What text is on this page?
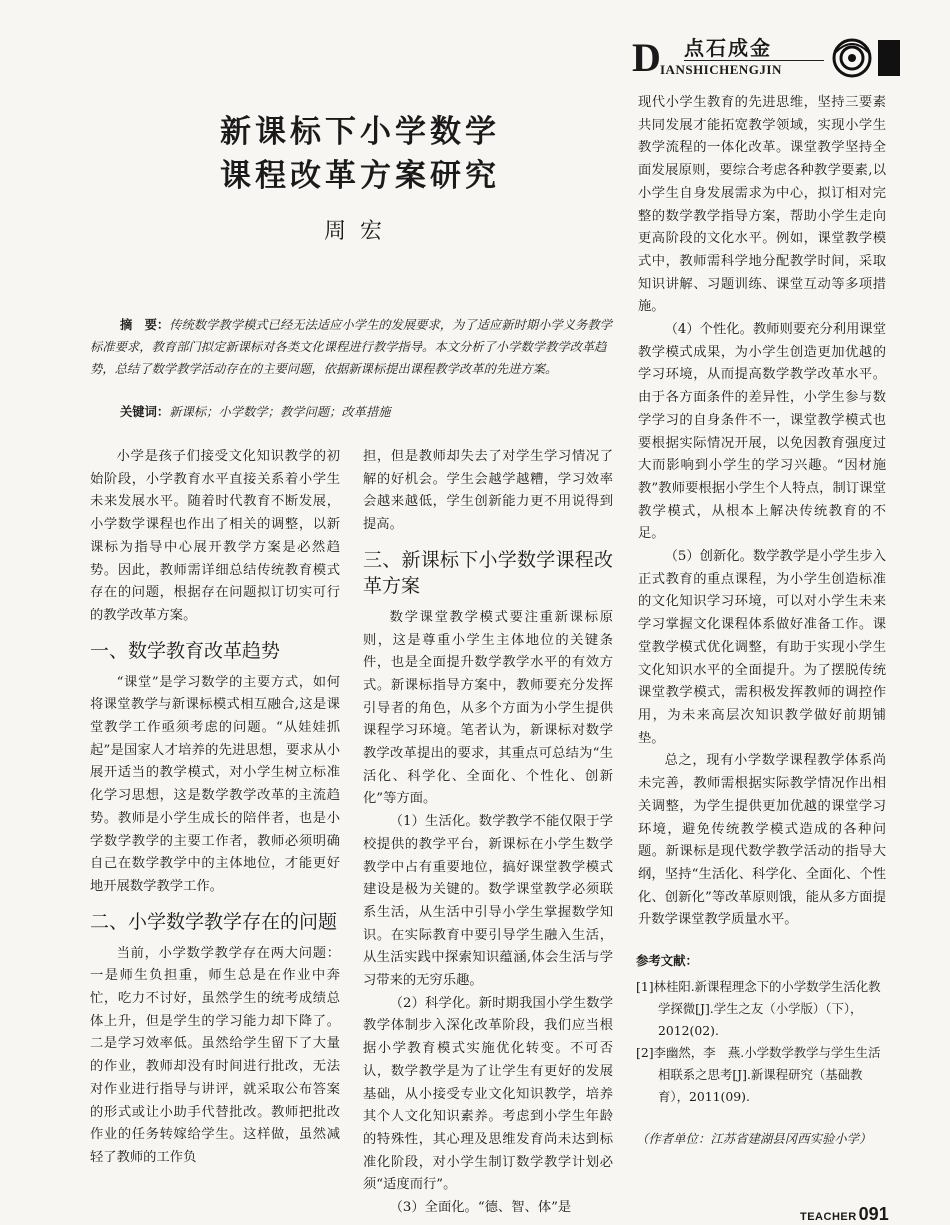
D 点石成金
IANSHICHENGJIN
新课标下小学数学
课程改革方案研究
周宏
摘　要：传统数学教学模式已经无法适应小学生的发展要求，为了适应新时期小学义务教学标准要求，教育部门拟定新课标对各类文化课程进行教学指导。本文分析了小学数学教学改革趋势，总结了数学教学活动存在的主要问题，依据新课标提出课程教学改革的先进方案。
关键词：新课标；小学数学；教学问题；改革措施

小学是孩子们接受文化知识教学的初始阶段，小学教育水平直接关系着小学生未来发展水平。随着时代教育不断发展，小学数学课程也作出了相关的调整，以新课标为指导中心展开教学方案是必然趋势。因此，教师需详细总结传统教育模式存在的问题，根据存在问题拟订切实可行的教学改革方案。

一、数学教育改革趋势

“课堂”是学习数学的主要方式，如何将课堂教学与新课标模式相互融合,这是课堂教学工作亟须考虑的问题。“从娃娃抓起”是国家人才培养的先进思想，要求从小展开适当的教学模式，对小学生树立标准化学习思想，这是数学教学改革的主流趋势。教师是小学生成长的陪伴者，也是小学数学教学的主要工作者，教师必须明确自己在数学教学中的主体地位，才能更好地开展数学教学工作。

二、小学数学教学存在的问题

当前，小学数学教学存在两大问题：一是师生负担重，师生总是在作业中奔忙，吃力不讨好，虽然学生的统考成绩总体上升，但是学生的学习能力却下降了。二是学习效率低。虽然给学生留下了大量的作业，教师却没有时间进行批改，无法对作业进行指导与讲评，就采取公布答案的形式或让小助手代替批改。教师把批改作业的任务转嫁给学生。这样做，虽然减轻了教师的工作负

担，但是教师却失去了对学生学习情况了解的好机会。学生会越学越糟，学习效率会越来越低，学生创新能力更不用说得到提高。

三、新课标下小学数学课程改革方案

数学课堂教学模式要注重新课标原则，这是尊重小学生主体地位的关键条件，也是全面提升数学教学水平的有效方式。新课标指导方案中，教师要充分发挥引导者的角色，从多个方面为小学生提供课程学习环境。笔者认为，新课标对数学教学改革提出的要求，其重点可总结为“生活化、科学化、全面化、个性化、创新化”等方面。

（1）生活化。数学教学不能仅限于学校提供的教学平台，新课标在小学生数学教学中占有重要地位，搞好课堂教学模式建设是极为关键的。数学课堂教学必须联系生活，从生活中引导小学生掌握数学知识。在实际教育中要引导学生融入生活，从生活实践中探索知识蕴涵,体会生活与学习带来的无穷乐趣。

（2）科学化。新时期我国小学生数学教学体制步入深化改革阶段，我们应当根据小学教育模式实施优化转变。不可否认，数学教学是为了让学生有更好的发展基础，从小接受专业文化知识教学，培养其个人文化知识素养。考虑到小学生年龄的特殊性，其心理及思维发育尚未达到标准化阶段，对小学生制订数学教学计划必须“适度而行”。

（3）全面化。“德、智、体”是

现代小学生教育的先进思维，坚持三要素共同发展才能拓宽教学领域，实现小学生教学流程的一体化改革。课堂教学坚持全面发展原则，要综合考虑各种教学要素,以小学生自身发展需求为中心，拟订相对完整的数学教学指导方案，帮助小学生走向更高阶段的文化水平。例如，课堂教学模式中，教师需科学地分配教学时间，采取知识讲解、习题训练、课堂互动等多项措施。

（4）个性化。教师则要充分利用课堂教学模式成果，为小学生创造更加优越的学习环境，从而提高数学教学改革水平。由于各方面条件的差异性，小学生参与数学学习的自身条件不一，课堂教学模式也要根据实际情况开展，以免因教育强度过大而影响到小学生的学习兴趣。“因材施教”教师要根据小学生个人特点，制订课堂教学模式，从根本上解决传统教育的不足。

（5）创新化。数学教学是小学生步入正式教育的重点课程，为小学生创造标准的文化知识学习环境，可以对小学生未来学习掌握文化课程体系做好准备工作。课堂教学模式优化调整，有助于实现小学生文化知识水平的全面提升。为了摆脱传统课堂教学模式，需积极发挥教师的调控作用，为未来高层次知识教学做好前期铺垫。

总之，现有小学数学课程教学体系尚未完善，教师需根据实际教学情况作出相关调整，为学生提供更加优越的课堂学习环境，避免传统教学模式造成的各种问题。新课标是现代数学教学活动的指导大纲，坚持“生活化、科学化、全面化、个性化、创新化”等改革原则饿，能从多方面提升数学课堂教学质量水平。

参考文献：

[1]林桂阳.新课程理念下的小学数学生活化教学探微[J].学生之友（小学版）（下），2012(02).

[2]李幽然，李　燕.小学数学教学与学生生活相联系之思考[J].新课程研究（基础教育），2011(09).

（作者单位：江苏省建湖县冈西实验小学）
TEACHER 091
